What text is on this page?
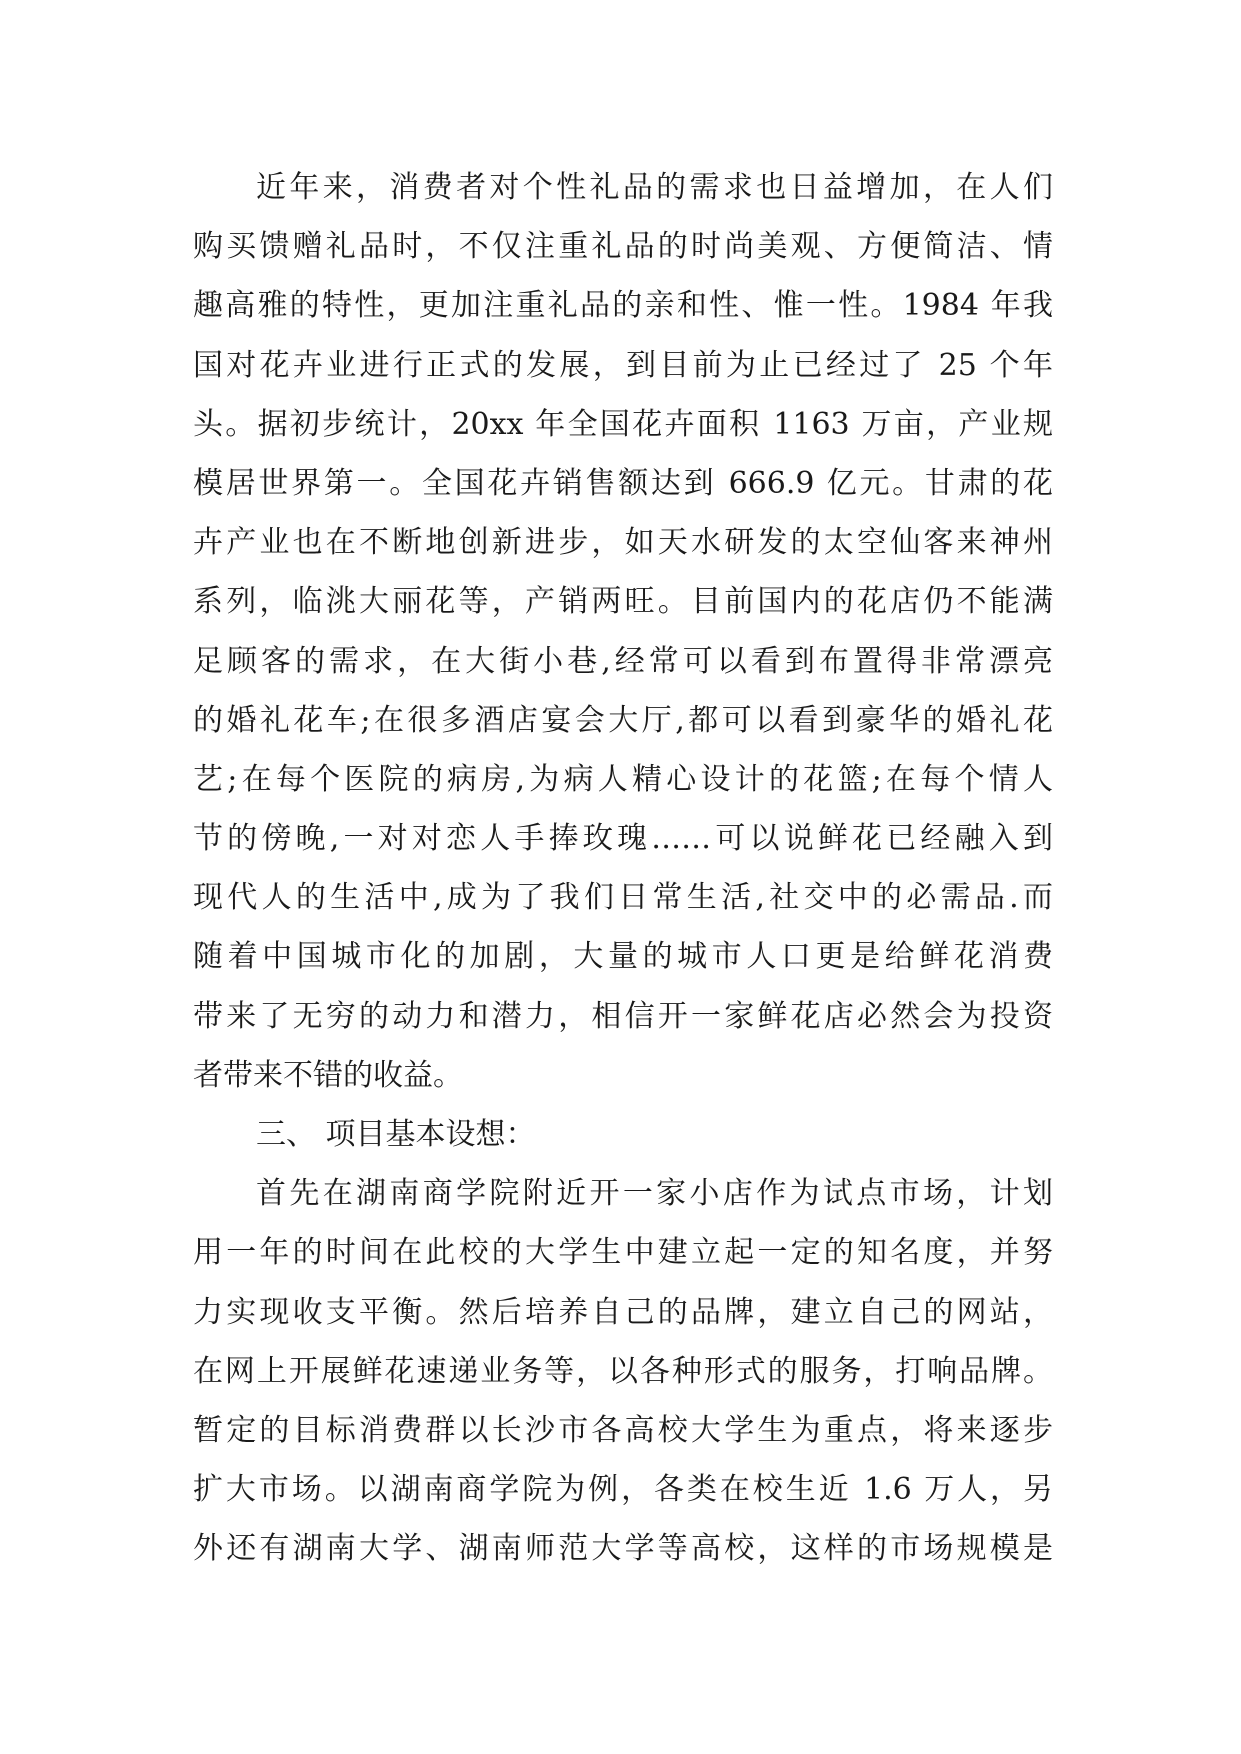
近年来，消费者对个性礼品的需求也日益增加，在人们
购买馈赠礼品时，不仅注重礼品的时尚美观、方便简洁、情
趣高雅的特性，更加注重礼品的亲和性、惟一性。1984 年我
国对花卉业进行正式的发展，到目前为止已经过了 25 个年
头。据初步统计，20xx 年全国花卉面积 1163 万亩，产业规
模居世界第一。全国花卉销售额达到 666.9 亿元。甘肃的花
卉产业也在不断地创新进步，如天水研发的太空仙客来神州
系列，临洮大丽花等，产销两旺。目前国内的花店仍不能满
足顾客的需求，在大街小巷,经常可以看到布置得非常漂亮
的婚礼花车;在很多酒店宴会大厅,都可以看到豪华的婚礼花
艺;在每个医院的病房,为病人精心设计的花篮;在每个情人
节的傍晚,一对对恋人手捧玫瑰……可以说鲜花已经融入到
现代人的生活中,成为了我们日常生活,社交中的必需品.而
随着中国城市化的加剧，大量的城市人口更是给鲜花消费
带来了无穷的动力和潜力，相信开一家鲜花店必然会为投资
者带来不错的收益。
三、 项目基本设想：
首先在湖南商学院附近开一家小店作为试点市场，计划
用一年的时间在此校的大学生中建立起一定的知名度，并努
力实现收支平衡。然后培养自己的品牌，建立自己的网站，
在网上开展鲜花速递业务等，以各种形式的服务，打响品牌。
暂定的目标消费群以长沙市各高校大学生为重点，将来逐步
扩大市场。以湖南商学院为例，各类在校生近 1.6 万人，另
外还有湖南大学、湖南师范大学等高校，这样的市场规模是
